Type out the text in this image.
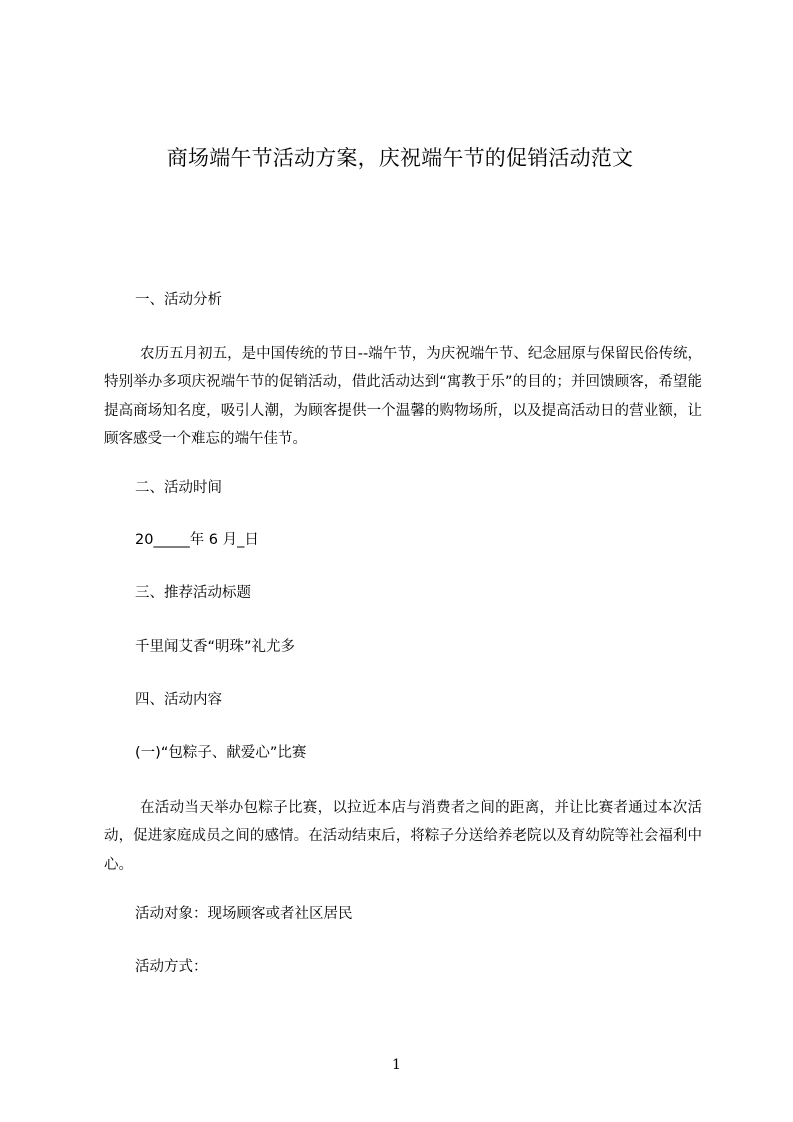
商场端午节活动方案，庆祝端午节的促销活动范文

一、活动分析

农历五月初五，是中国传统的节日--端午节，为庆祝端午节、纪念屈原与保留民俗传统，特别举办多项庆祝端午节的促销活动，借此活动达到“寓教于乐”的目的；并回馈顾客，希望能提高商场知名度，吸引人潮，为顾客提供一个温馨的购物场所，以及提高活动日的营业额，让顾客感受一个难忘的端午佳节。

二、活动时间

20_____年 6 月_日

三、推荐活动标题

千里闻艾香“明珠”礼尤多

四、活动内容

(一)“包粽子、献爱心”比赛

在活动当天举办包粽子比赛，以拉近本店与消费者之间的距离，并让比赛者通过本次活动，促进家庭成员之间的感情。在活动结束后，将粽子分送给养老院以及育幼院等社会福利中心。

活动对象：现场顾客或者社区居民

活动方式：

1
